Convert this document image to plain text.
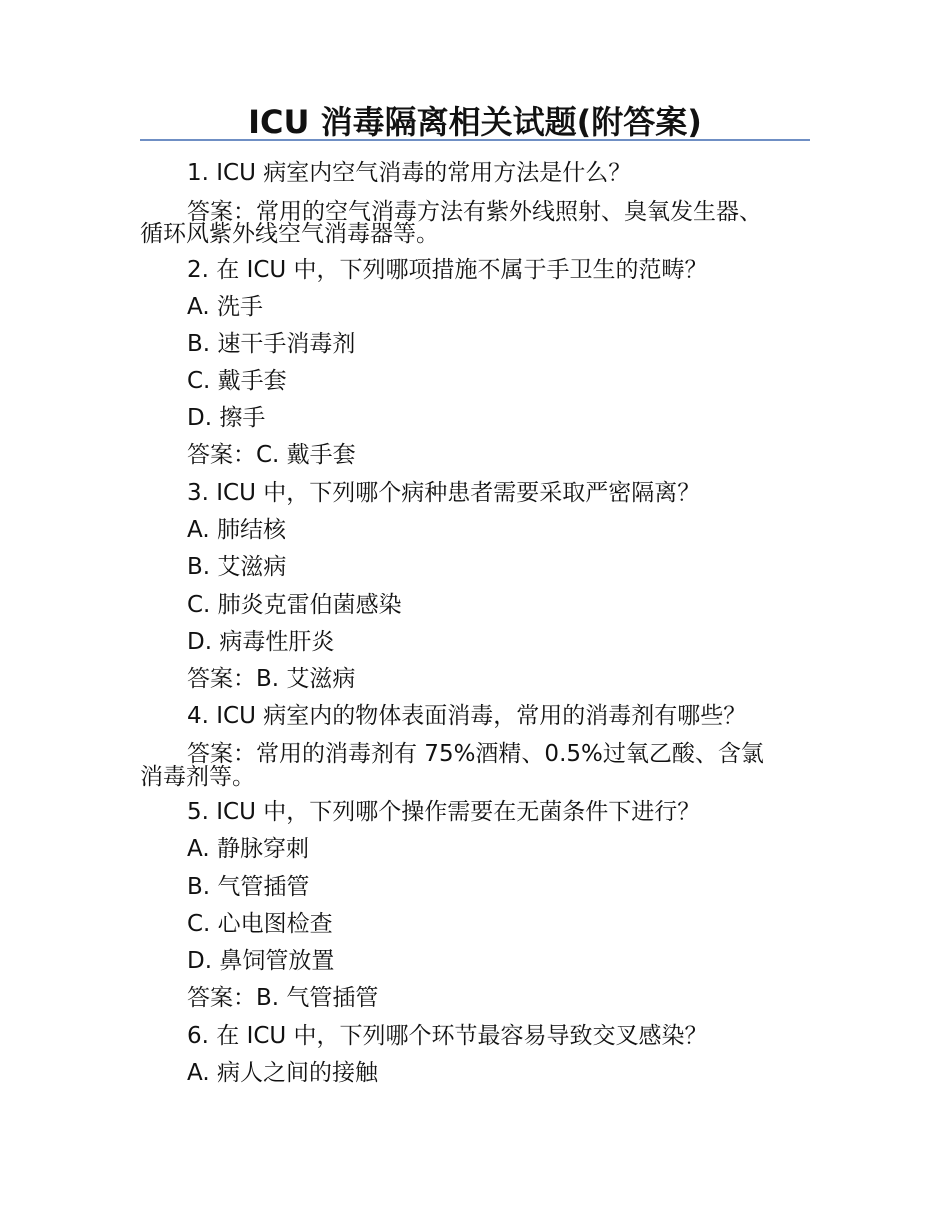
ICU 消毒隔离相关试题(附答案)
1. ICU 病室内空气消毒的常用方法是什么？
答案：常用的空气消毒方法有紫外线照射、臭氧发生器、
循环风紫外线空气消毒器等。
2. 在 ICU 中，下列哪项措施不属于手卫生的范畴？
A. 洗手
B. 速干手消毒剂
C. 戴手套
D. 擦手
答案：C. 戴手套
3. ICU 中，下列哪个病种患者需要采取严密隔离？
A. 肺结核
B. 艾滋病
C. 肺炎克雷伯菌感染
D. 病毒性肝炎
答案：B. 艾滋病
4. ICU 病室内的物体表面消毒，常用的消毒剂有哪些？
答案：常用的消毒剂有 75%酒精、0.5%过氧乙酸、含氯
消毒剂等。
5. ICU 中，下列哪个操作需要在无菌条件下进行？
A. 静脉穿刺
B. 气管插管
C. 心电图检查
D. 鼻饲管放置
答案：B. 气管插管
6. 在 ICU 中，下列哪个环节最容易导致交叉感染？
A. 病人之间的接触
